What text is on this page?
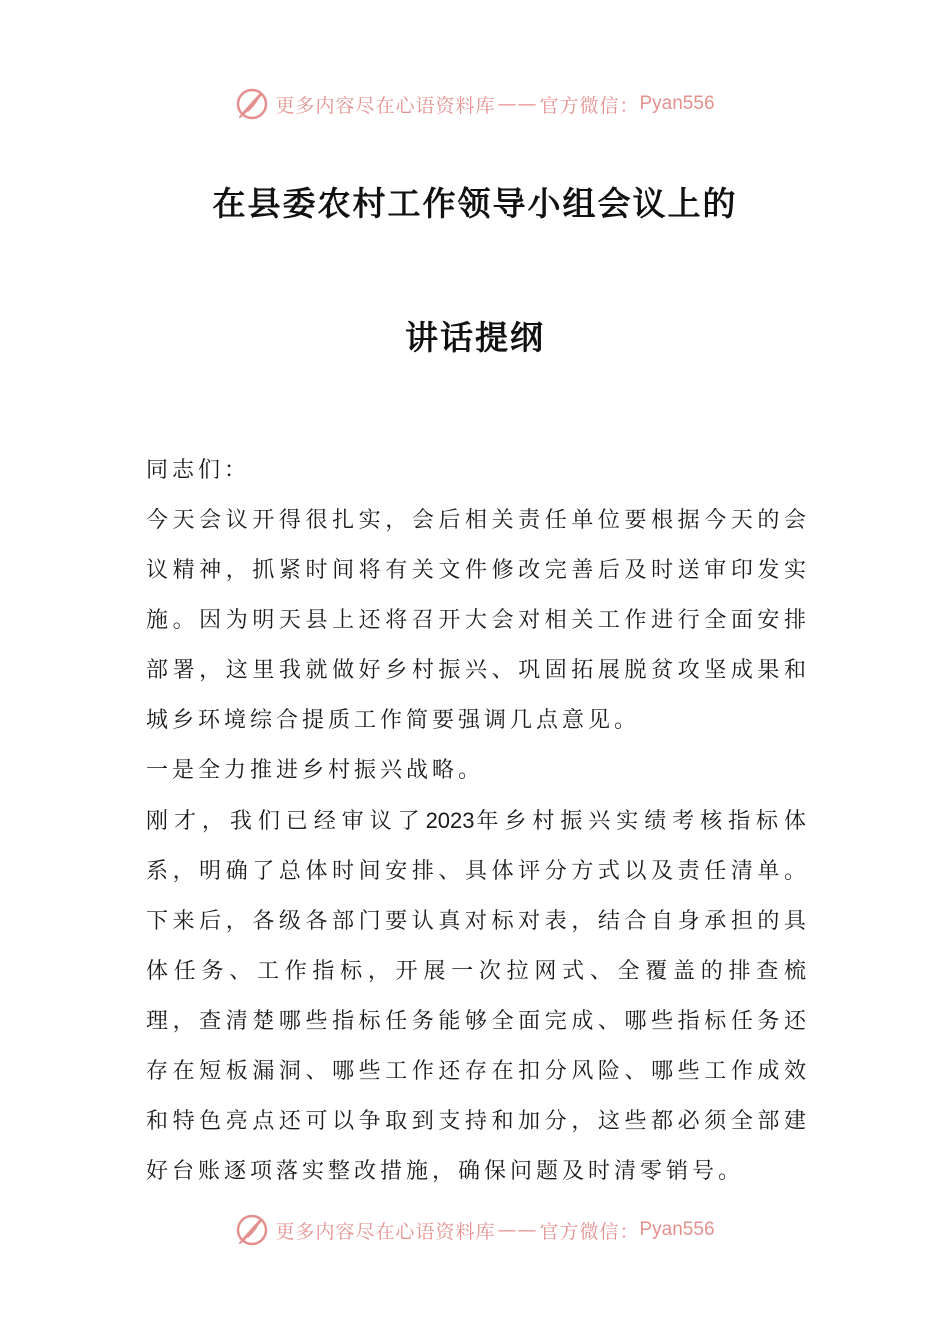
更多内容尽在心语资料库 —— 官方微信： Pyan556
在县委农村工作领导小组会议上的
讲话提纲

同志们：

今天会议开得很扎实，会后相关责任单位要根据今天的会议精神，抓紧时间将有关文件修改完善后及时送审印发实施。因为明天县上还将召开大会对相关工作进行全面安排部署，这里我就做好乡村振兴、巩固拓展脱贫攻坚成果和城乡环境综合提质工作简要强调几点意见。

一是全力推进乡村振兴战略。

刚才，我们已经审议了2023年乡村振兴实绩考核指标体系，明确了总体时间安排、具体评分方式以及责任清单。下来后，各级各部门要认真对标对表，结合自身承担的具体任务、工作指标，开展一次拉网式、全覆盖的排查梳理，查清楚哪些指标任务能够全面完成、哪些指标任务还存在短板漏洞、哪些工作还存在扣分风险、哪些工作成效和特色亮点还可以争取到支持和加分，这些都必须全部建好台账逐项落实整改措施，确保问题及时清零销号。

更多内容尽在心语资料库 —— 官方微信： Pyan556
